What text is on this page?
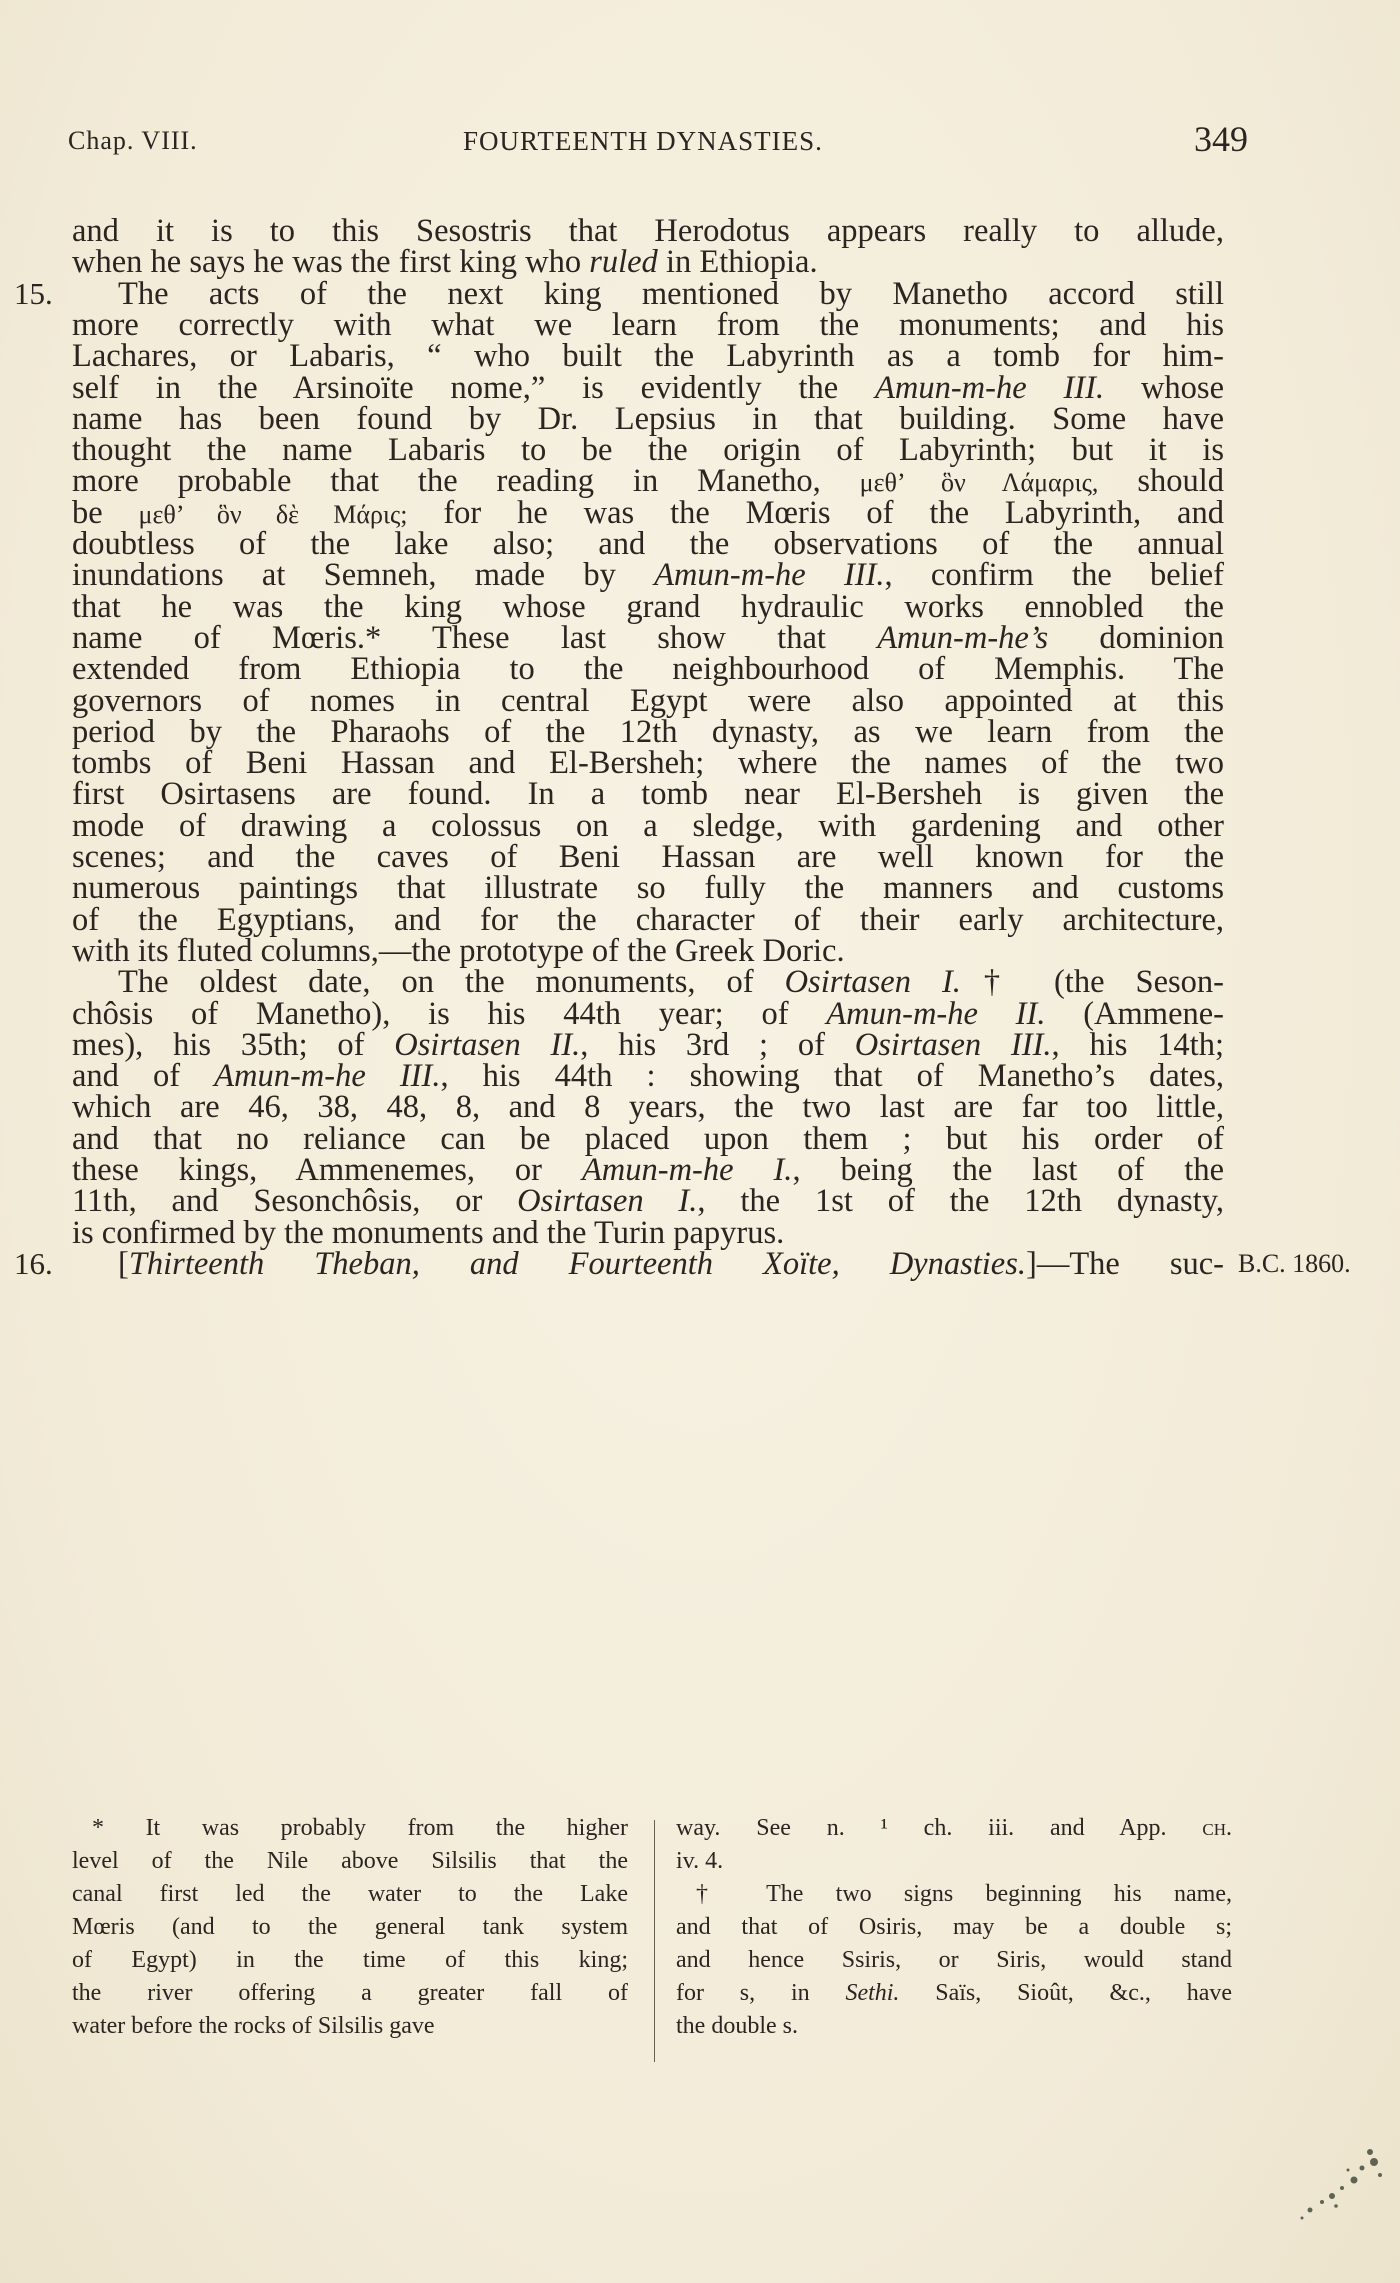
Chap. VIII.	FOURTEENTH DYNASTIES.	349
and it is to this Sesostris that Herodotus appears really to allude,
when he says he was the first king who ruled in Ethiopia.
The acts of the next king mentioned by Manetho accord still
more correctly with what we learn from the monuments; and his
Lachares, or Labaris, “ who built the Labyrinth as a tomb for him-
self in the Arsinoïte nome,” is evidently the Amun-m-he III. whose
name has been found by Dr. Lepsius in that building. Some have
thought the name Labaris to be the origin of Labyrinth; but it is
more probable that the reading in Manetho, μεθ’ ὃν Λάμαρις, should
be μεθ’ ὃν δὲ Μάρις; for he was the Mœris of the Labyrinth, and
doubtless of the lake also; and the observations of the annual
inundations at Semneh, made by Amun-m-he III., confirm the belief
that he was the king whose grand hydraulic works ennobled the
name of Mœris.* These last show that Amun-m-he’s dominion
extended from Ethiopia to the neighbourhood of Memphis. The
governors of nomes in central Egypt were also appointed at this
period by the Pharaohs of the 12th dynasty, as we learn from the
tombs of Beni Hassan and El-Bersheh; where the names of the two
first Osirtasens are found. In a tomb near El-Bersheh is given the
mode of drawing a colossus on a sledge, with gardening and other
scenes; and the caves of Beni Hassan are well known for the
numerous paintings that illustrate so fully the manners and customs
of the Egyptians, and for the character of their early architecture,
with its fluted columns,—the prototype of the Greek Doric.
The oldest date, on the monuments, of Osirtasen I.† (the Seson-
chôsis of Manetho), is his 44th year; of Amun-m-he II. (Ammene-
mes), his 35th; of Osirtasen II., his 3rd ; of Osirtasen III., his 14th;
and of Amun-m-he III., his 44th : showing that of Manetho’s dates,
which are 46, 38, 48, 8, and 8 years, the two last are far too little,
and that no reliance can be placed upon them ; but his order of
these kings, Ammenemes, or Amun-m-he I., being the last of the
11th, and Sesonchôsis, or Osirtasen I., the 1st of the 12th dynasty,
is confirmed by the monuments and the Turin papyrus.
[Thirteenth Theban, and Fourteenth Xoïte, Dynasties.]—The suc-
15.
16.	B.C. 1860.
* It was probably from the higher
level of the Nile above Silsilis that the
canal first led the water to the Lake
Mœris (and to the general tank system
of Egypt) in the time of this king;
the river offering a greater fall of
water before the rocks of Silsilis gave
way. See n. ¹ ch. iii. and App. ch.
iv. 4.
† The two signs beginning his name,
and that of Osiris, may be a double s;
and hence Ssiris, or Siris, would stand
for s, in Sethi. Saïs, Sioût, &c., have
the double s.
